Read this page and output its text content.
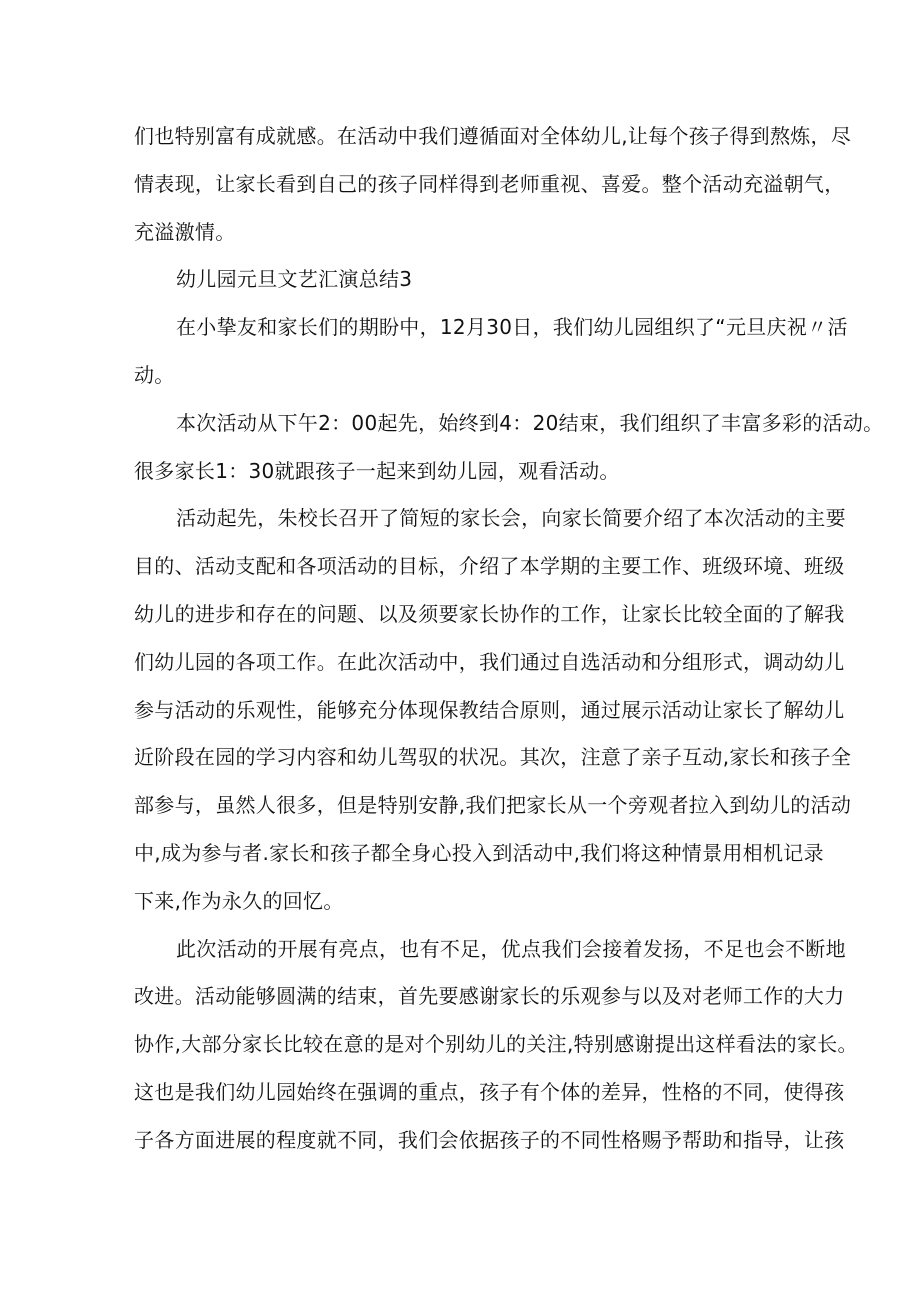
们也特别富有成就感。在活动中我们遵循面对全体幼儿,让每个孩子得到熬炼，尽
情表现，让家长看到自己的孩子同样得到老师重视、喜爱。整个活动充溢朝气，
充溢激情。
幼儿园元旦文艺汇演总结3
在小挚友和家长们的期盼中，12月30日，我们幼儿园组织了“元旦庆祝〃活
动。
本次活动从下午2：00起先，始终到4：20结束，我们组织了丰富多彩的活动。
很多家长1：30就跟孩子一起来到幼儿园，观看活动。
活动起先，朱校长召开了简短的家长会，向家长简要介绍了本次活动的主要
目的、活动支配和各项活动的目标，介绍了本学期的主要工作、班级环境、班级
幼儿的进步和存在的问题、以及须要家长协作的工作，让家长比较全面的了解我
们幼儿园的各项工作。在此次活动中，我们通过自选活动和分组形式，调动幼儿
参与活动的乐观性，能够充分体现保教结合原则，通过展示活动让家长了解幼儿
近阶段在园的学习内容和幼儿驾驭的状况。其次，注意了亲子互动,家长和孩子全
部参与，虽然人很多，但是特别安静,我们把家长从一个旁观者拉入到幼儿的活动
中,成为参与者.家长和孩子都全身心投入到活动中,我们将这种情景用相机记录
下来,作为永久的回忆。
此次活动的开展有亮点，也有不足，优点我们会接着发扬，不足也会不断地
改进。活动能够圆满的结束，首先要感谢家长的乐观参与以及对老师工作的大力
协作,大部分家长比较在意的是对个别幼儿的关注,特别感谢提出这样看法的家长。
这也是我们幼儿园始终在强调的重点，孩子有个体的差异，性格的不同，使得孩
子各方面进展的程度就不同，我们会依据孩子的不同性格赐予帮助和指导，让孩
